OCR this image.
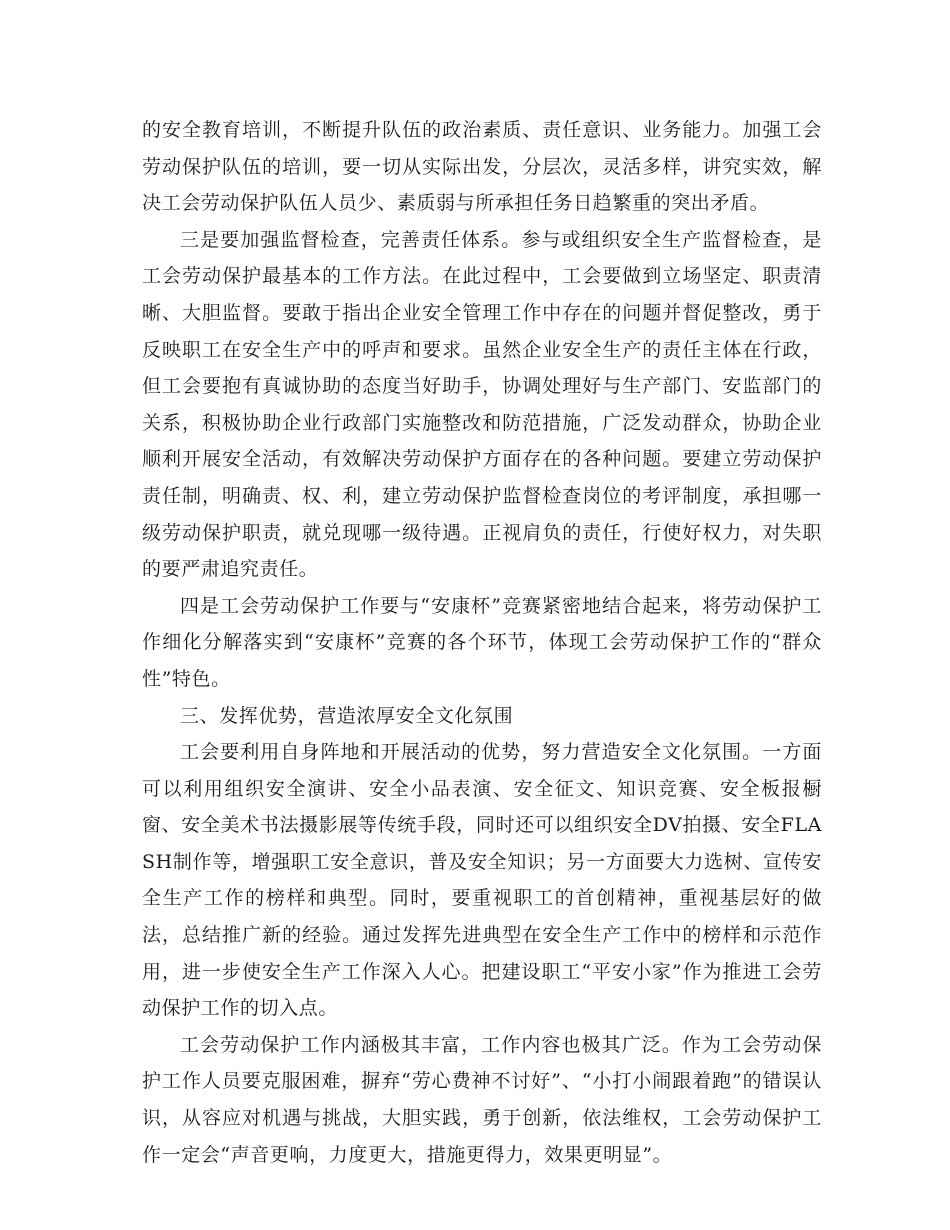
的安全教育培训，不断提升队伍的政治素质、责任意识、业务能力。加强工会劳动保护队伍的培训，要一切从实际出发，分层次，灵活多样，讲究实效，解决工会劳动保护队伍人员少、素质弱与所承担任务日趋繁重的突出矛盾。

三是要加强监督检查，完善责任体系。参与或组织安全生产监督检查，是工会劳动保护最基本的工作方法。在此过程中，工会要做到立场坚定、职责清晰、大胆监督。要敢于指出企业安全管理工作中存在的问题并督促整改，勇于反映职工在安全生产中的呼声和要求。虽然企业安全生产的责任主体在行政，但工会要抱有真诚协助的态度当好助手，协调处理好与生产部门、安监部门的关系，积极协助企业行政部门实施整改和防范措施，广泛发动群众，协助企业顺利开展安全活动，有效解决劳动保护方面存在的各种问题。要建立劳动保护责任制，明确责、权、利，建立劳动保护监督检查岗位的考评制度，承担哪一级劳动保护职责，就兑现哪一级待遇。正视肩负的责任，行使好权力，对失职的要严肃追究责任。

四是工会劳动保护工作要与“安康杯”竞赛紧密地结合起来，将劳动保护工作细化分解落实到“安康杯”竞赛的各个环节，体现工会劳动保护工作的“群众性”特色。

三、发挥优势，营造浓厚安全文化氛围

工会要利用自身阵地和开展活动的优势，努力营造安全文化氛围。一方面可以利用组织安全演讲、安全小品表演、安全征文、知识竞赛、安全板报橱窗、安全美术书法摄影展等传统手段，同时还可以组织安全DV拍摄、安全FLASH制作等，增强职工安全意识，普及安全知识；另一方面要大力选树、宣传安全生产工作的榜样和典型。同时，要重视职工的首创精神，重视基层好的做法，总结推广新的经验。通过发挥先进典型在安全生产工作中的榜样和示范作用，进一步使安全生产工作深入人心。把建设职工“平安小家”作为推进工会劳动保护工作的切入点。

工会劳动保护工作内涵极其丰富，工作内容也极其广泛。作为工会劳动保护工作人员要克服困难，摒弃“劳心费神不讨好”、“小打小闹跟着跑”的错误认识，从容应对机遇与挑战，大胆实践，勇于创新，依法维权，工会劳动保护工作一定会“声音更响，力度更大，措施更得力，效果更明显”。
